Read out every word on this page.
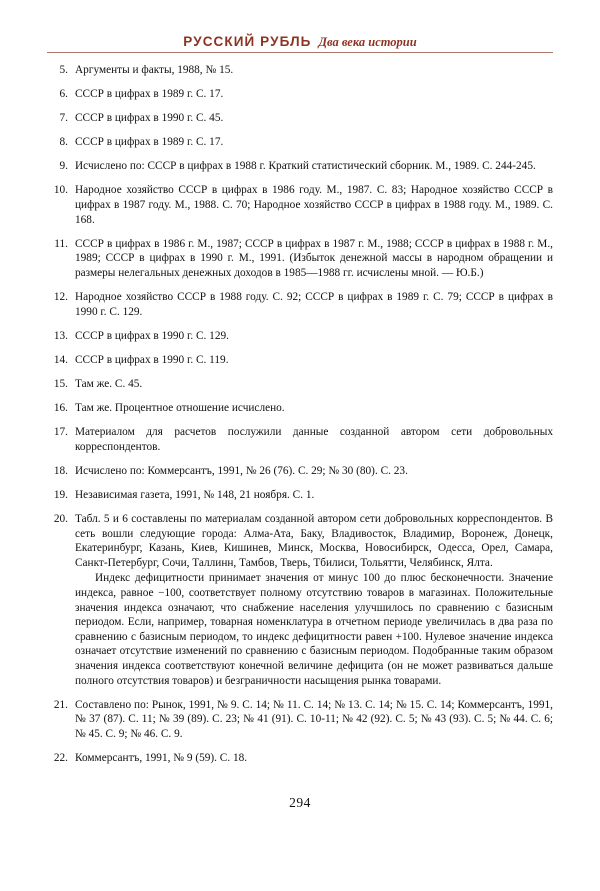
РУССКИЙ РУБЛЬ Два века истории
5. Аргументы и факты, 1988, № 15.
6. СССР в цифрах в 1989 г. С. 17.
7. СССР в цифрах в 1990 г. С. 45.
8. СССР в цифрах в 1989 г. С. 17.
9. Исчислено по: СССР в цифрах в 1988 г. Краткий статистический сборник. М., 1989. С. 244-245.
10. Народное хозяйство СССР в цифрах в 1986 году. М., 1987. С. 83; Народное хозяйство СССР в цифрах в 1987 году. М., 1988. С. 70; Народное хозяйство СССР в цифрах в 1988 году. М., 1989. С. 168.
11. СССР в цифрах в 1986 г. М., 1987; СССР в цифрах в 1987 г. М., 1988; СССР в цифрах в 1988 г. М., 1989; СССР в цифрах в 1990 г. М., 1991. (Избыток денежной массы в народном обращении и размеры нелегальных денежных доходов в 1985—1988 гг. исчислены мной. — Ю.Б.)
12. Народное хозяйство СССР в 1988 году. С. 92; СССР в цифрах в 1989 г. С. 79; СССР в цифрах в 1990 г. С. 129.
13. СССР в цифрах в 1990 г. С. 129.
14. СССР в цифрах в 1990 г. С. 119.
15. Там же. С. 45.
16. Там же. Процентное отношение исчислено.
17. Материалом для расчетов послужили данные созданной автором сети добровольных корреспондентов.
18. Исчислено по: Коммерсантъ, 1991, № 26 (76). С. 29; № 30 (80). С. 23.
19. Независимая газета, 1991, № 148, 21 ноября. С. 1.
20. Табл. 5 и 6 составлены по материалам созданной автором сети добровольных корреспондентов. В сеть вошли следующие города: Алма-Ата, Баку, Владивосток, Владимир, Воронеж, Донецк, Екатеринбург, Казань, Киев, Кишинев, Минск, Москва, Новосибирск, Одесса, Орел, Самара, Санкт-Петербург, Сочи, Таллинн, Тамбов, Тверь, Тбилиси, Тольятти, Челябинск, Ялта.
Индекс дефицитности принимает значения от минус 100 до плюс бесконечности. Значение индекса, равное −100, соответствует полному отсутствию товаров в магазинах. Положительные значения индекса означают, что снабжение населения улучшилось по сравнению с базисным периодом. Если, например, товарная номенклатура в отчетном периоде увеличилась в два раза по сравнению с базисным периодом, то индекс дефицитности равен +100. Нулевое значение индекса означает отсутствие изменений по сравнению с базисным периодом. Подобранные таким образом значения индекса соответствуют конечной величине дефицита (он не может развиваться дальше полного отсутствия товаров) и безграничности насыщения рынка товарами.
21. Составлено по: Рынок, 1991, № 9. С. 14; № 11. С. 14; № 13. С. 14; № 15. С. 14; Коммерсантъ, 1991, № 37 (87). С. 11; № 39 (89). С. 23; № 41 (91). С. 10-11; № 42 (92). С. 5; № 43 (93). С. 5; № 44. С. 6; № 45. С. 9; № 46. С. 9.
22. Коммерсантъ, 1991, № 9 (59). С. 18.
294
